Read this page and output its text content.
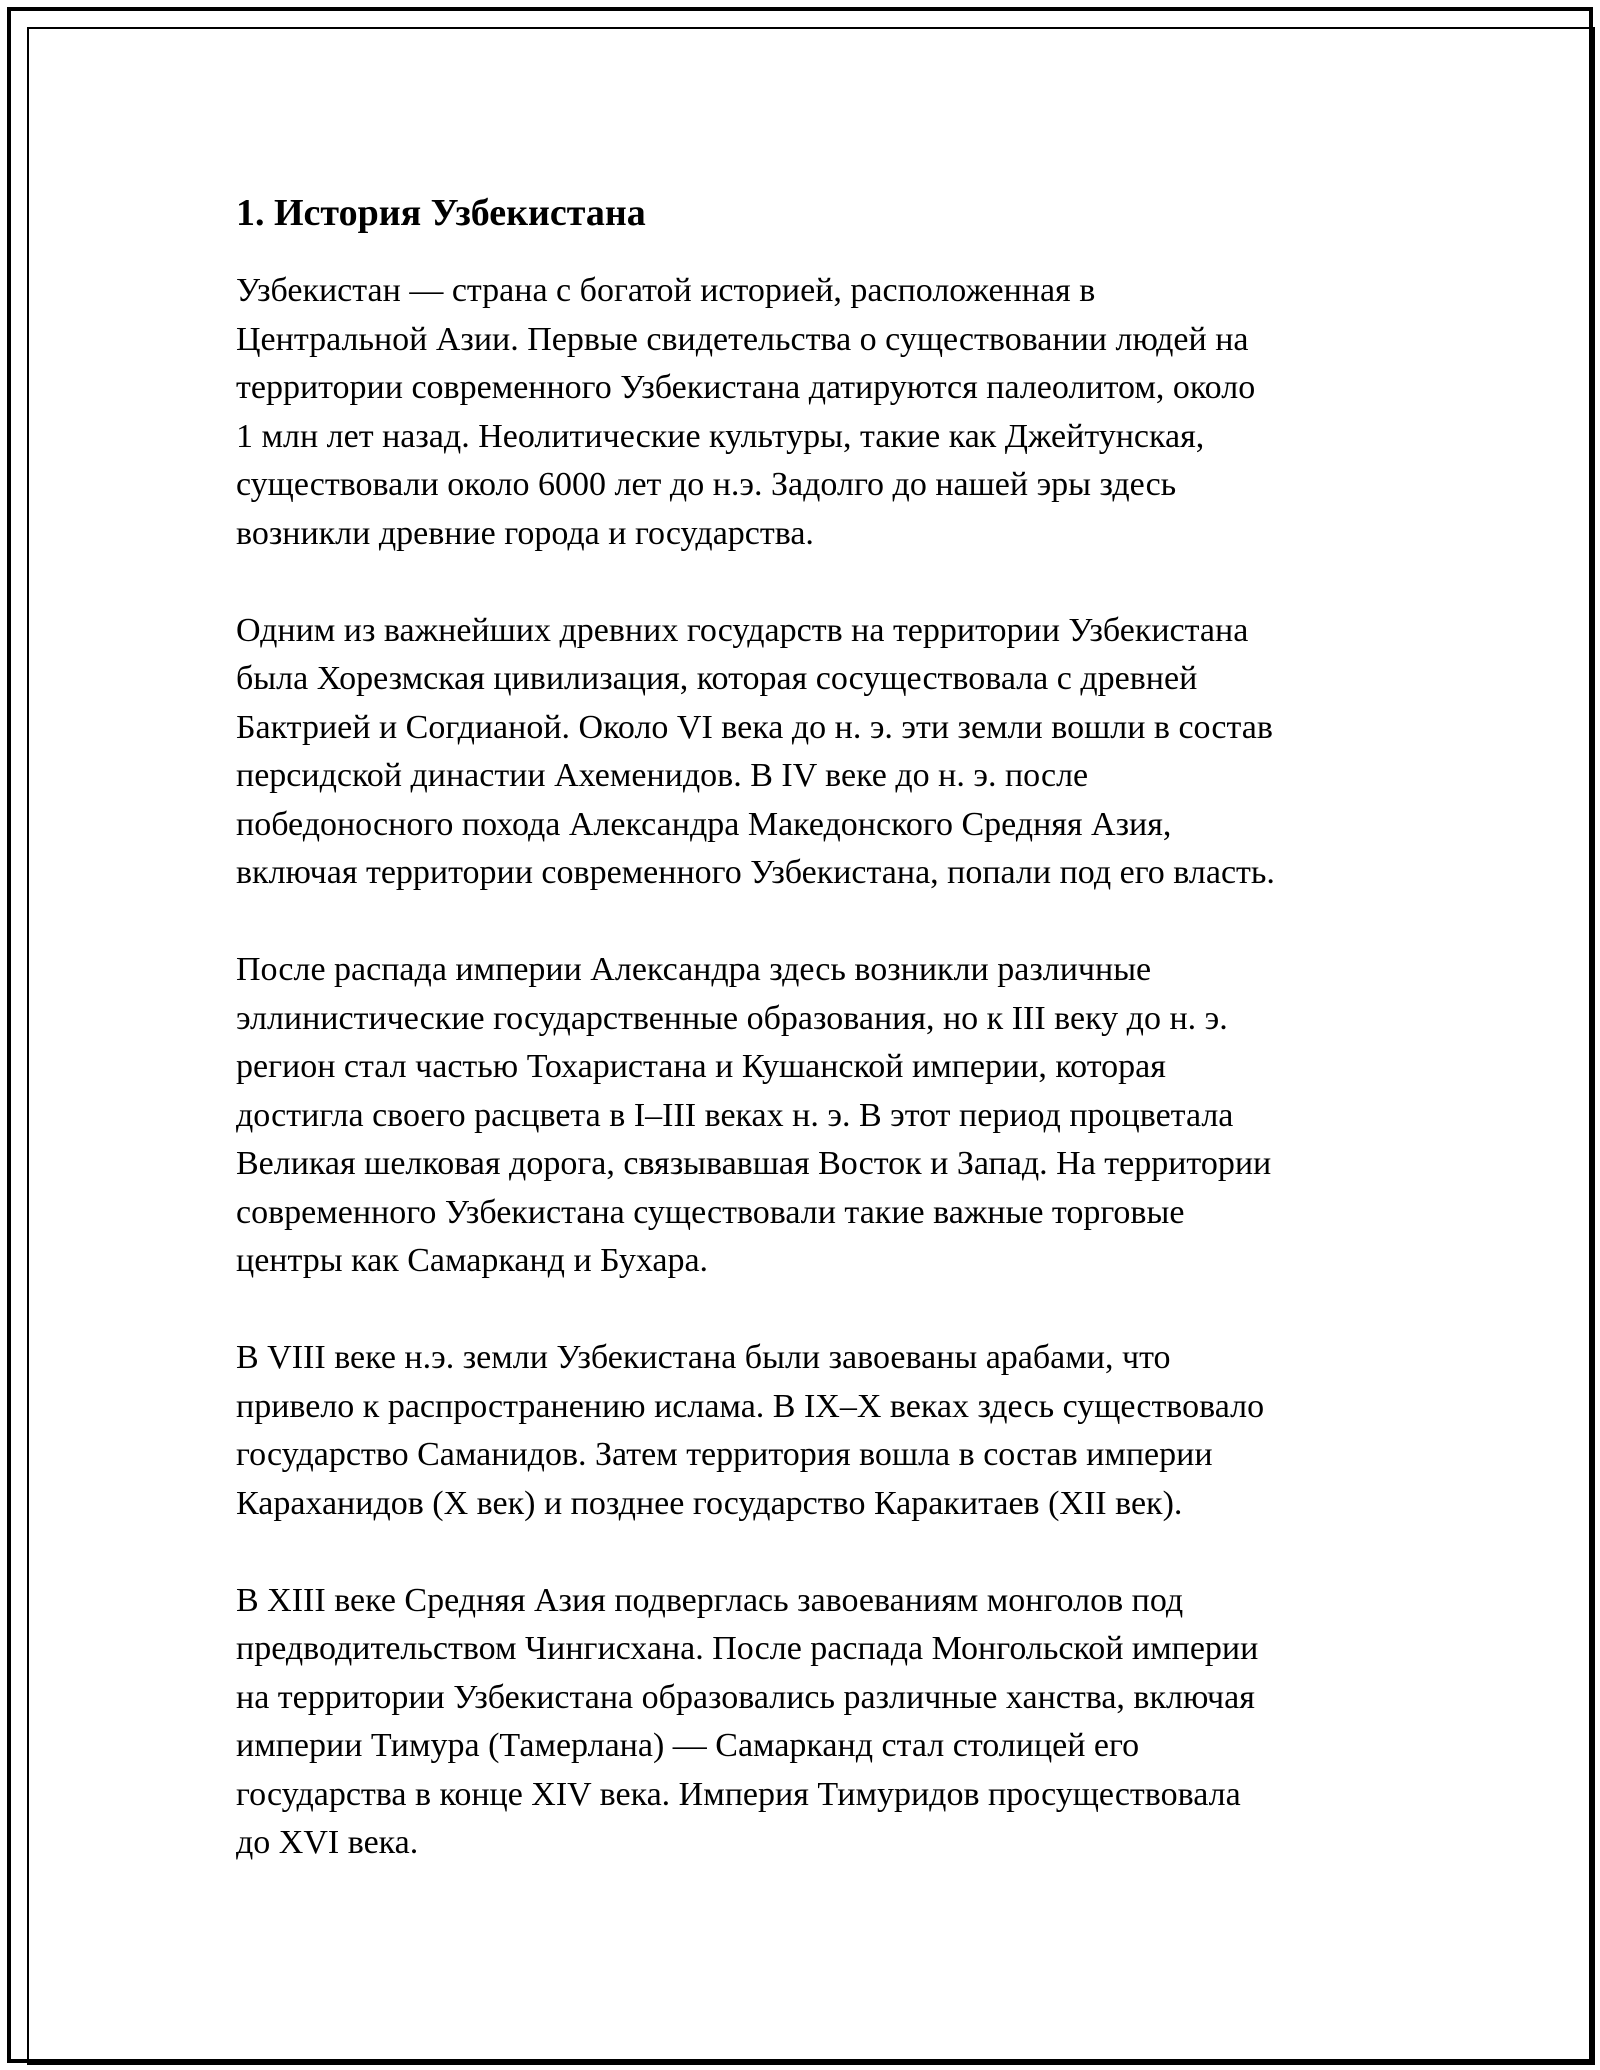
1. История Узбекистана

Узбекистан — страна с богатой историей, расположенная в
Центральной Азии. Первые свидетельства о существовании людей на
территории современного Узбекистана датируются палеолитом, около
1 млн лет назад. Неолитические культуры, такие как Джейтунская,
существовали около 6000 лет до н.э. Задолго до нашей эры здесь
возникли древние города и государства.

Одним из важнейших древних государств на территории Узбекистана
была Хорезмская цивилизация, которая сосуществовала с древней
Бактрией и Согдианой. Около VI века до н. э. эти земли вошли в состав
персидской династии Ахеменидов. В IV веке до н. э. после
победоносного похода Александра Македонского Средняя Азия,
включая территории современного Узбекистана, попали под его власть.

После распада империи Александра здесь возникли различные
эллинистические государственные образования, но к III веку до н. э.
регион стал частью Тохаристана и Кушанской империи, которая
достигла своего расцвета в I–III веках н. э. В этот период процветала
Великая шелковая дорога, связывавшая Восток и Запад. На территории
современного Узбекистана существовали такие важные торговые
центры как Самарканд и Бухара.

В VIII веке н.э. земли Узбекистана были завоеваны арабами, что
привело к распространению ислама. В IX–X веках здесь существовало
государство Саманидов. Затем территория вошла в состав империи
Караханидов (X век) и позднее государство Каракитаев (XII век).

В XIII веке Средняя Азия подверглась завоеваниям монголов под
предводительством Чингисхана. После распада Монгольской империи
на территории Узбекистана образовались различные ханства, включая
империи Тимура (Тамерлана) — Самарканд стал столицей его
государства в конце XIV века. Империя Тимуридов просуществовала
до XVI века.
